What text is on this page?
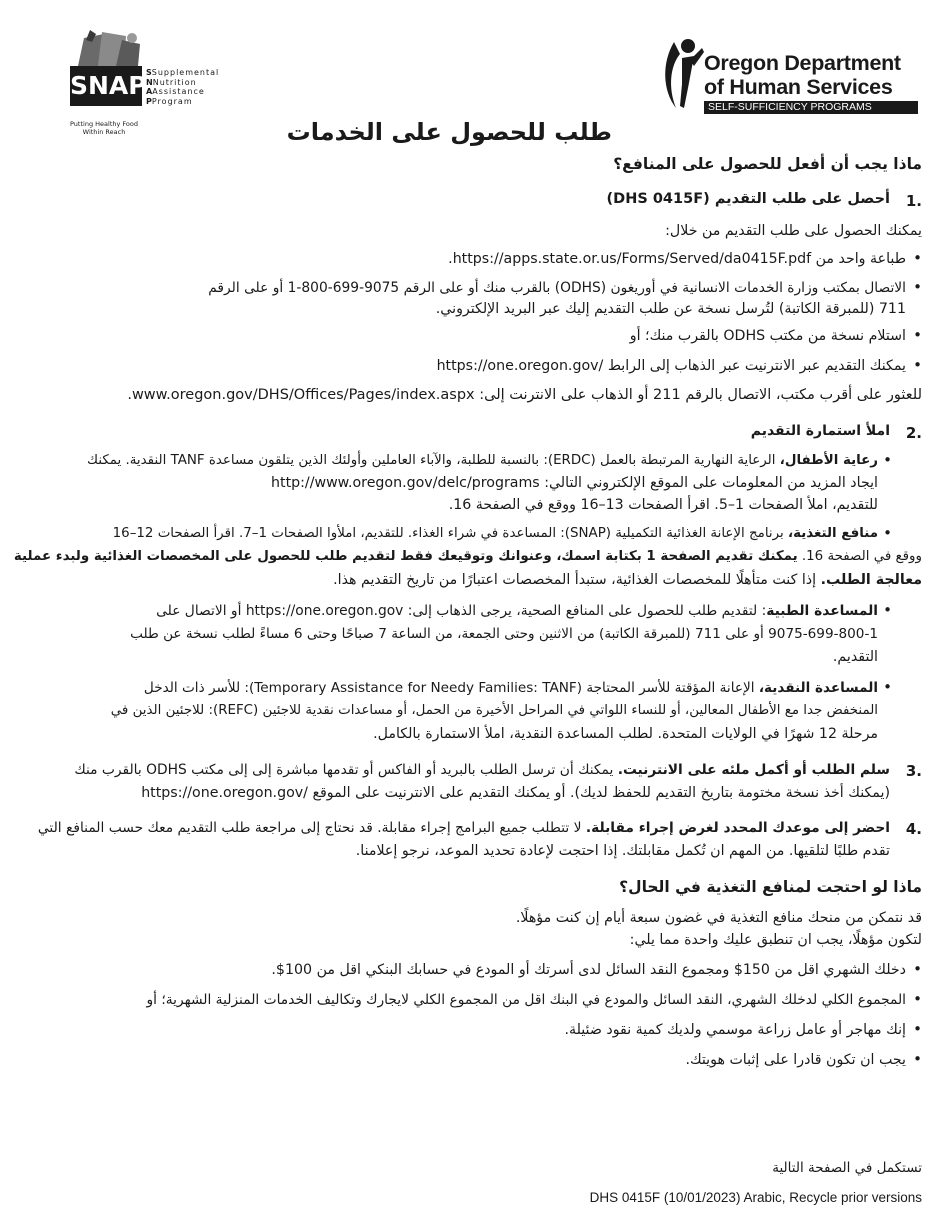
SNAP SSupplemental
NNutrition
AAssistance
PProgram
Putting Healthy Food
Within Reach
Oregon Department
of Human Services
SELF-SUFFICIENCY PROGRAMS
طلب للحصول على الخدمات
ماذا يجب أن أفعل للحصول على المنافع؟
1.
أحصل على طلب التقديم (DHS 0415F)
يمكنك الحصول على طلب التقديم من خلال:
•
طباعة واحد من https://apps.state.or.us/Forms/Served/da0415F.pdf.
•
الاتصال بمكتب وزارة الخدمات الانسانية في أوريغون (ODHS) بالقرب منك أو على الرقم 9075-699-800-1 أو على الرقم
711 (للمبرقة الكاتبة) لتُرسل نسخة عن طلب التقديم إليك عبر البريد الإلكتروني.
•
استلام نسخة من مكتب ODHS بالقرب منك؛ أو
•
يمكنك التقديم عبر الانترنيت عبر الذهاب إلى الرابط /https://one.oregon.gov
للعثور على أقرب مكتب، الاتصال بالرقم 211 أو الذهاب على الانترنت إلى: www.oregon.gov/DHS/Offices/Pages/index.aspx.
2.
املأ استمارة التقديم
•
رعاية الأطفال، الرعاية النهارية المرتبطة بالعمل (ERDC): بالنسبة للطلبة، والآباء العاملين وأولئك الذين يتلقون مساعدة TANF النقدية. يمكنك
ايجاد المزيد من المعلومات على الموقع الإلكتروني التالي: http://www.oregon.gov/delc/programs
للتقديم، املأ الصفحات 1–5. اقرأ الصفحات 13–16 ووقع في الصفحة 16.
•
منافع التغذية، برنامج الإعانة الغذائية التكميلية (SNAP): المساعدة في شراء الغذاء. للتقديم، املأوا الصفحات 1–7. اقرأ الصفحات 12–16
ووقع في الصفحة 16. يمكنك تقديم الصفحة 1 بكتابة اسمك، وعنوانك وتوقيعك فقط لتقديم طلب للحصول على المخصصات الغذائية ولبدء عملية
معالجة الطلب. إذا كنت متأهلًا للمخصصات الغذائية، ستبدأ المخصصات اعتبارًا من تاريخ التقديم هذا.
•
المساعدة الطبية: لتقديم طلب للحصول على المنافع الصحية، يرجى الذهاب إلى: https://one.oregon.gov أو الاتصال على
9075-699-800-1 أو على 711 (للمبرقة الكاتبة) من الاثنين وحتى الجمعة، من الساعة 7 صباحًا وحتى 6 مساءً لطلب نسخة عن طلب
التقديم.
•
المساعدة النقدية، الإعانة المؤقتة للأسر المحتاجة (Temporary Assistance for Needy Families: TANF): للأسر ذات الدخل
المنخفض جدا مع الأطفال المعالين، أو للنساء اللواتي في المراحل الأخيرة من الحمل، أو مساعدات نقدية للاجئين (REFC): للاجئين الذين في
مرحلة 12 شهرًا في الولايات المتحدة. لطلب المساعدة النقدية، املأ الاستمارة بالكامل.
3.
سلم الطلب أو أكمل ملئه على الانترنيت. يمكنك أن ترسل الطلب بالبريد أو الفاكس أو تقدمها مباشرة إلى إلى مكتب ODHS بالقرب منك
(يمكنك أخذ نسخة مختومة بتاريخ التقديم للحفظ لديك). أو يمكنك التقديم على الانترنيت على الموقع /https://one.oregon.gov
4.
احضر إلى موعدك المحدد لغرض إجراء مقابلة. لا تتطلب جميع البرامج إجراء مقابلة. قد نحتاج إلى مراجعة طلب التقديم معك حسب المنافع التي
تقدم طلبًا لتلقيها. من المهم ان تُكمل مقابلتك. إذا احتجت لإعادة تحديد الموعد، نرجو إعلامنا.
ماذا لو احتجت لمنافع التغذية في الحال؟
قد نتمكن من منحك منافع التغذية في غضون سبعة أيام إن كنت مؤهلًا.
لتكون مؤهلًا، يجب ان تنطبق عليك واحدة مما يلي:
•
دخلك الشهري اقل من 150$ ومجموع النقد السائل لدى أسرتك أو المودع في حسابك البنكي اقل من 100$.
•
المجموع الكلي لدخلك الشهري، النقد السائل والمودع في البنك اقل من المجموع الكلي لايجارك وتكاليف الخدمات المنزلية الشهرية؛ أو
•
إنك مهاجر أو عامل زراعة موسمي ولديك كمية نقود ضئيلة.
•
يجب ان تكون قادرا على إثبات هويتك.
تستكمل في الصفحة التالية
DHS 0415F (10/01/2023) Arabic, Recycle prior versions
